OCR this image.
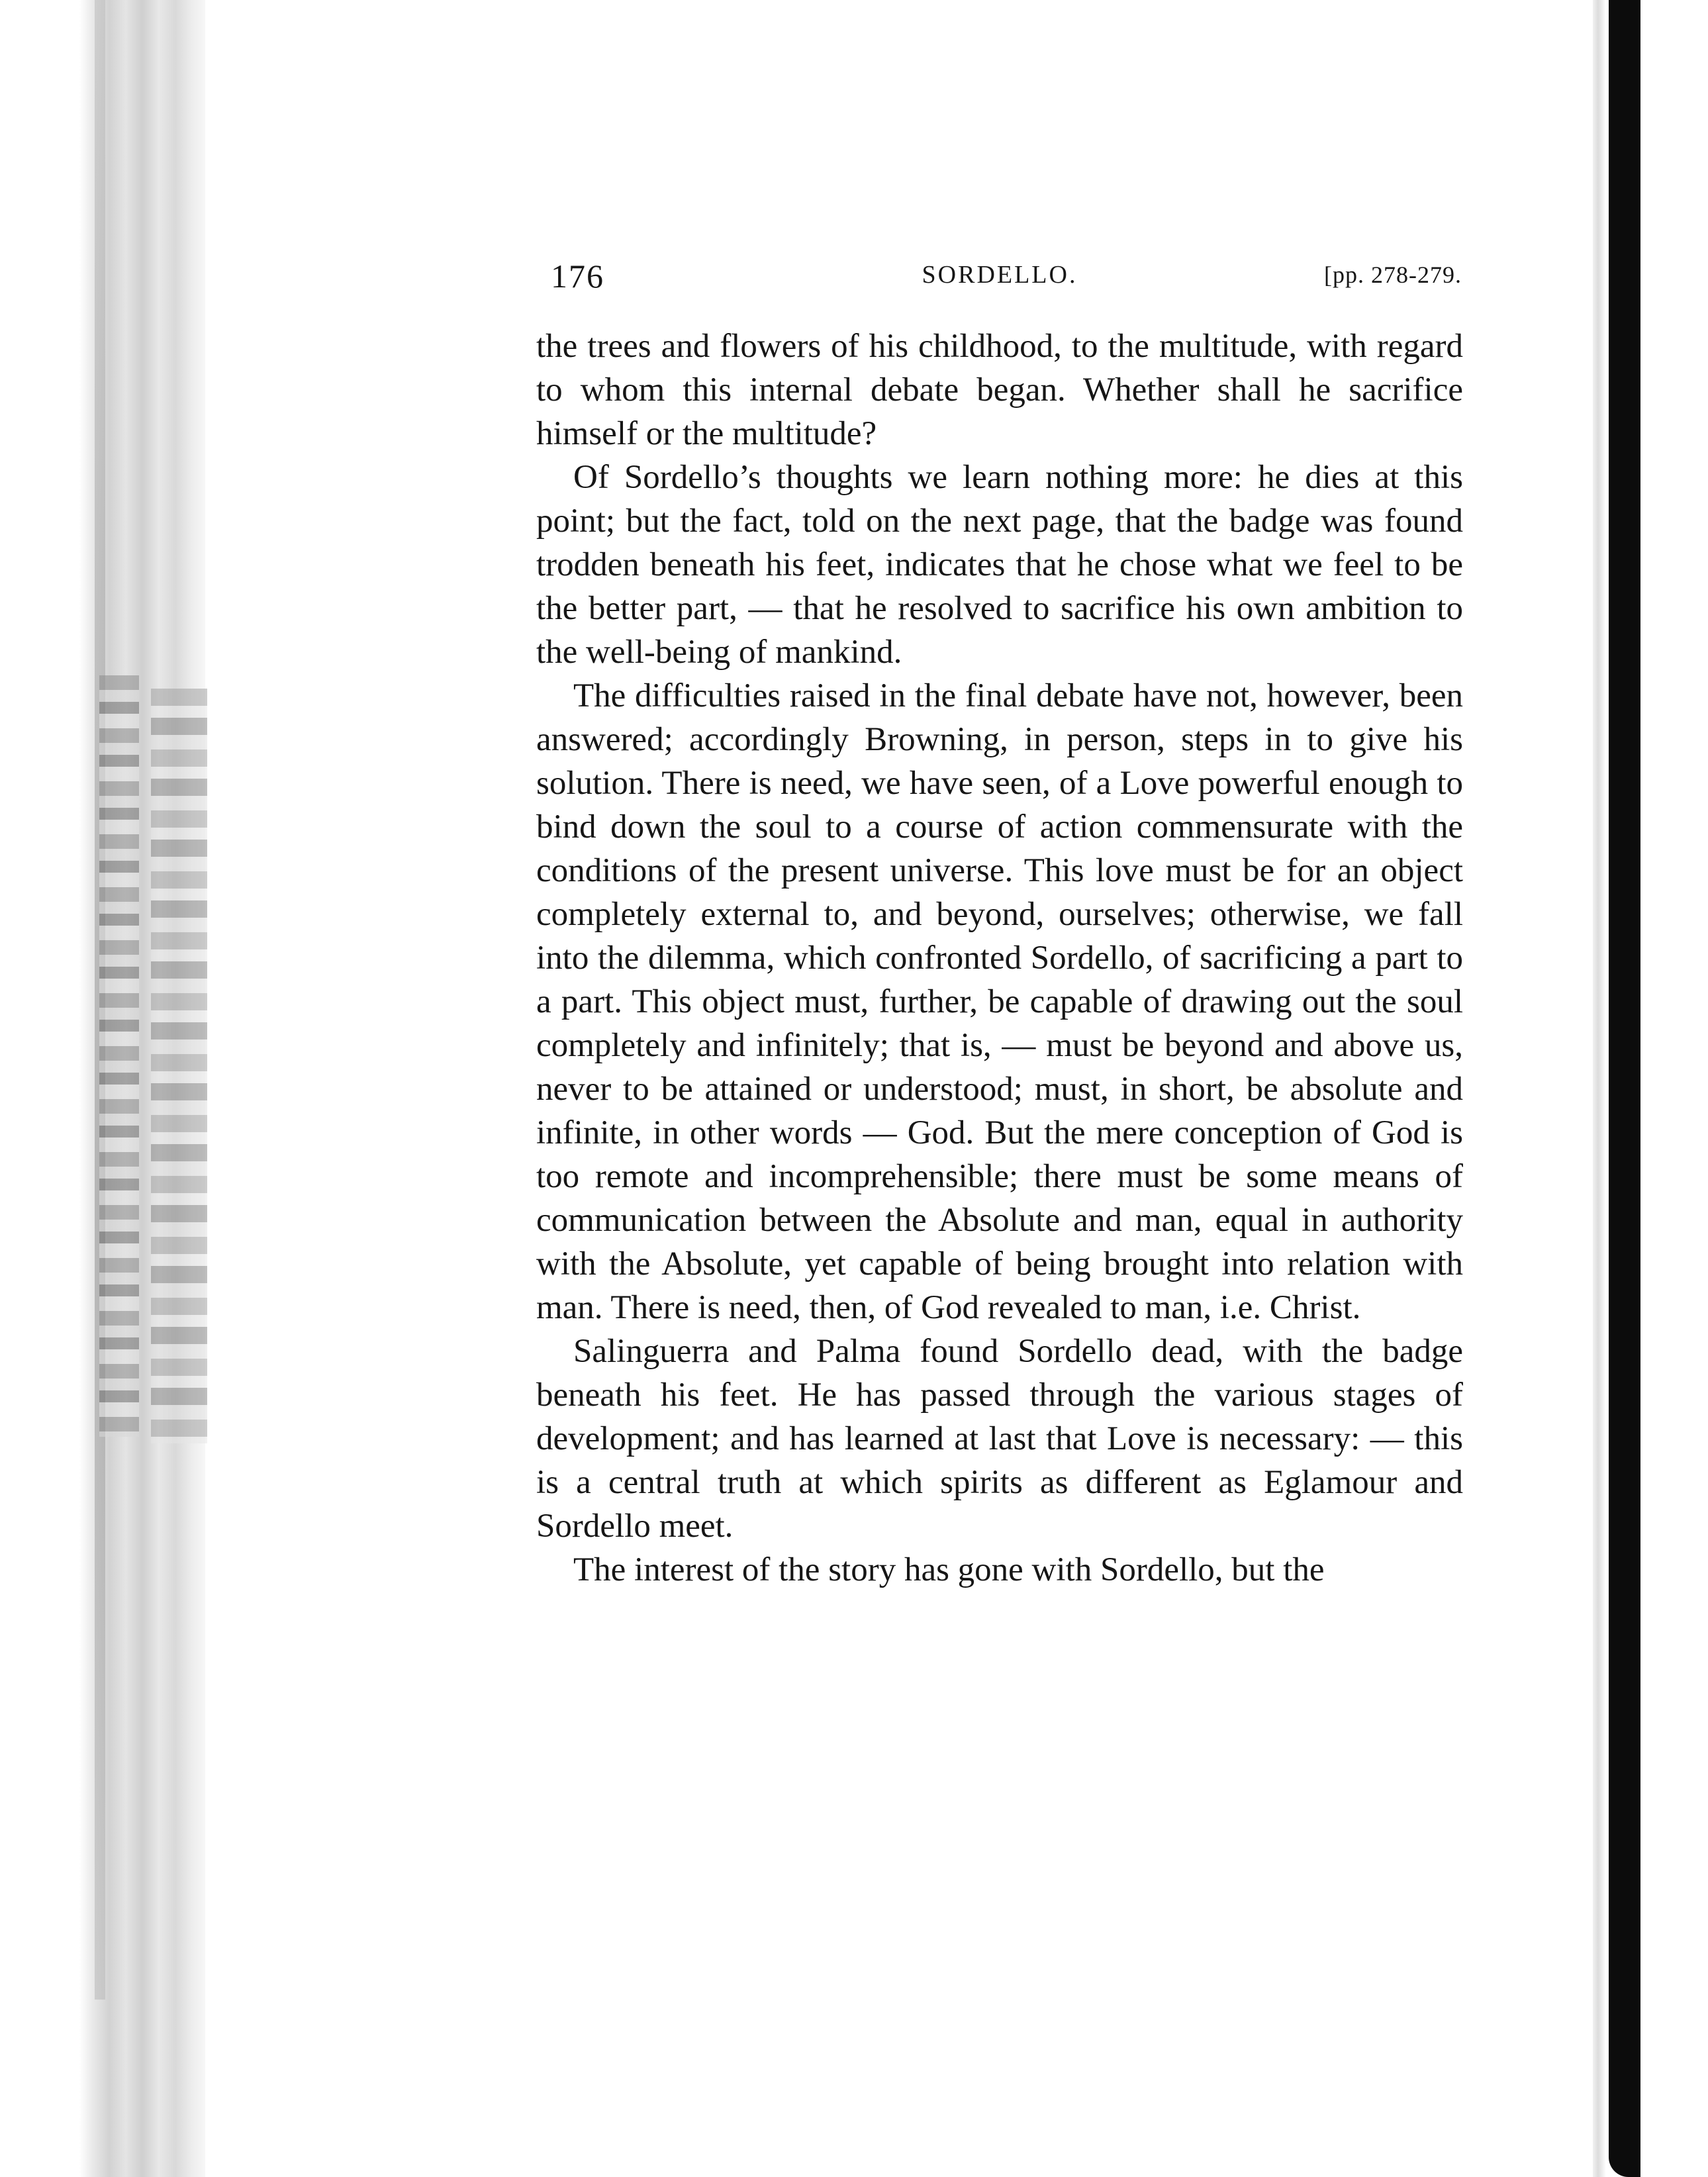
176	SORDELLO.	[pp. 278-279.

the trees and flowers of his childhood, to the multitude, with regard to whom this internal debate began. Whether shall he sacrifice himself or the multitude?

Of Sordello’s thoughts we learn nothing more: he dies at this point; but the fact, told on the next page, that the badge was found trodden beneath his feet, indicates that he chose what we feel to be the better part, — that he resolved to sacrifice his own ambition to the well-being of mankind.

The difficulties raised in the final debate have not, however, been answered; accordingly Browning, in person, steps in to give his solution. There is need, we have seen, of a Love powerful enough to bind down the soul to a course of action commensurate with the conditions of the present universe. This love must be for an object completely external to, and beyond, ourselves; otherwise, we fall into the dilemma, which confronted Sordello, of sacrificing a part to a part. This object must, further, be capable of drawing out the soul completely and infinitely; that is, — must be beyond and above us, never to be attained or understood; must, in short, be absolute and infinite, in other words — God. But the mere conception of God is too remote and incomprehensible; there must be some means of communication between the Absolute and man, equal in authority with the Absolute, yet capable of being brought into relation with man. There is need, then, of God revealed to man, i.e. Christ.

Salinguerra and Palma found Sordello dead, with the badge beneath his feet. He has passed through the various stages of development; and has learned at last that Love is necessary: — this is a central truth at which spirits as different as Eglamour and Sordello meet.

The interest of the story has gone with Sordello, but the
